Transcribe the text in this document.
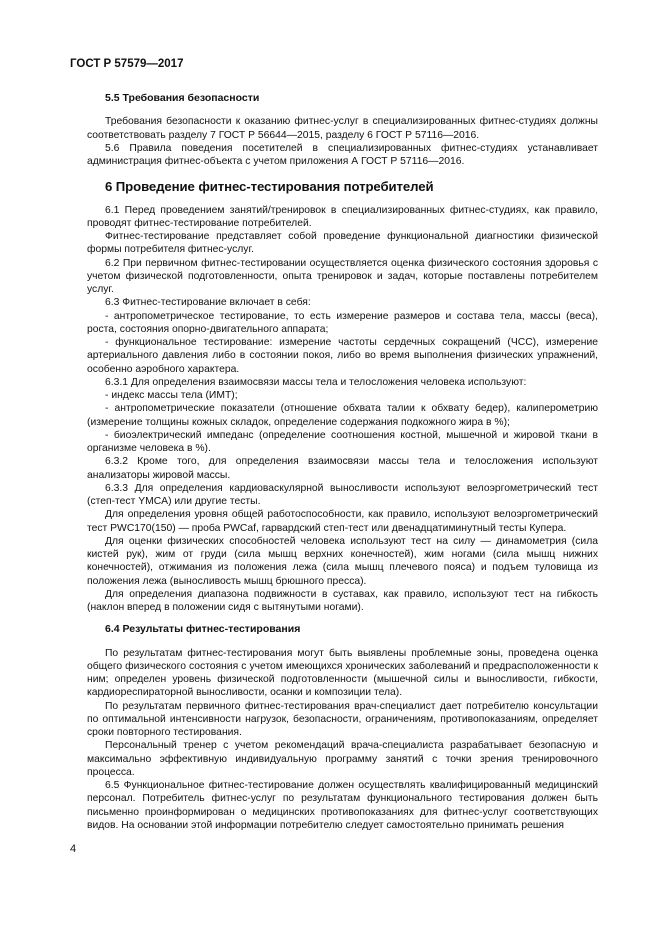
ГОСТ Р 57579—2017
5.5 Требования безопасности

Требования безопасности к оказанию фитнес-услуг в специализированных фитнес-студиях должны соответствовать разделу 7 ГОСТ Р 56644—2015, разделу 6 ГОСТ Р 57116—2016.

5.6 Правила поведения посетителей в специализированных фитнес-студиях устанавливает администрация фитнес-объекта с учетом приложения А ГОСТ Р 57116—2016.

6 Проведение фитнес-тестирования потребителей

6.1 Перед проведением занятий/тренировок в специализированных фитнес-студиях, как правило, проводят фитнес-тестирование потребителей.

Фитнес-тестирование представляет собой проведение функциональной диагностики физической формы потребителя фитнес-услуг.

6.2 При первичном фитнес-тестировании осуществляется оценка физического состояния здоровья с учетом физической подготовленности, опыта тренировок и задач, которые поставлены потребителем услуг.

6.3 Фитнес-тестирование включает в себя:

- антропометрическое тестирование, то есть измерение размеров и состава тела, массы (веса), роста, состояния опорно-двигательного аппарата;

- функциональное тестирование: измерение частоты сердечных сокращений (ЧСС), измерение артериального давления либо в состоянии покоя, либо во время выполнения физических упражнений, особенно аэробного характера.

6.3.1 Для определения взаимосвязи массы тела и телосложения человека используют:

- индекс массы тела (ИМТ);

- антропометрические показатели (отношение обхвата талии к обхвату бедер), калиперометрию (измерение толщины кожных складок, определение содержания подкожного жира в %);

- биоэлектрический импеданс (определение соотношения костной, мышечной и жировой ткани в организме человека в %).

6.3.2 Кроме того, для определения взаимосвязи массы тела и телосложения используют анализаторы жировой массы.

6.3.3 Для определения кардиоваскулярной выносливости используют велоэргометрический тест (степ-тест YMCA) или другие тесты.

Для определения уровня общей работоспособности, как правило, используют велоэргометрический тест PWC170(150) — проба PWCaf, гарвардский степ-тест или двенадцатиминутный тесты Купера.

Для оценки физических способностей человека используют тест на силу — динамометрия (сила кистей рук), жим от груди (сила мышц верхних конечностей), жим ногами (сила мышц нижних конечностей), отжимания из положения лежа (сила мышц плечевого пояса) и подъем туловища из положения лежа (выносливость мышц брюшного пресса).

Для определения диапазона подвижности в суставах, как правило, используют тест на гибкость (наклон вперед в положении сидя с вытянутыми ногами).

6.4 Результаты фитнес-тестирования

По результатам фитнес-тестирования могут быть выявлены проблемные зоны, проведена оценка общего физического состояния с учетом имеющихся хронических заболеваний и предрасположенности к ним; определен уровень физической подготовленности (мышечной силы и выносливости, гибкости, кардиореспираторной выносливости, осанки и композиции тела).

По результатам первичного фитнес-тестирования врач-специалист дает потребителю консультации по оптимальной интенсивности нагрузок, безопасности, ограничениям, противопоказаниям, определяет сроки повторного тестирования.

Персональный тренер с учетом рекомендаций врача-специалиста разрабатывает безопасную и максимально эффективную индивидуальную программу занятий с точки зрения тренировочного процесса.

6.5 Функциональное фитнес-тестирование должен осуществлять квалифицированный медицинский персонал. Потребитель фитнес-услуг по результатам функционального тестирования должен быть письменно проинформирован о медицинских противопоказаниях для фитнес-услуг соответствующих видов. На основании этой информации потребителю следует самостоятельно принимать решения

4
